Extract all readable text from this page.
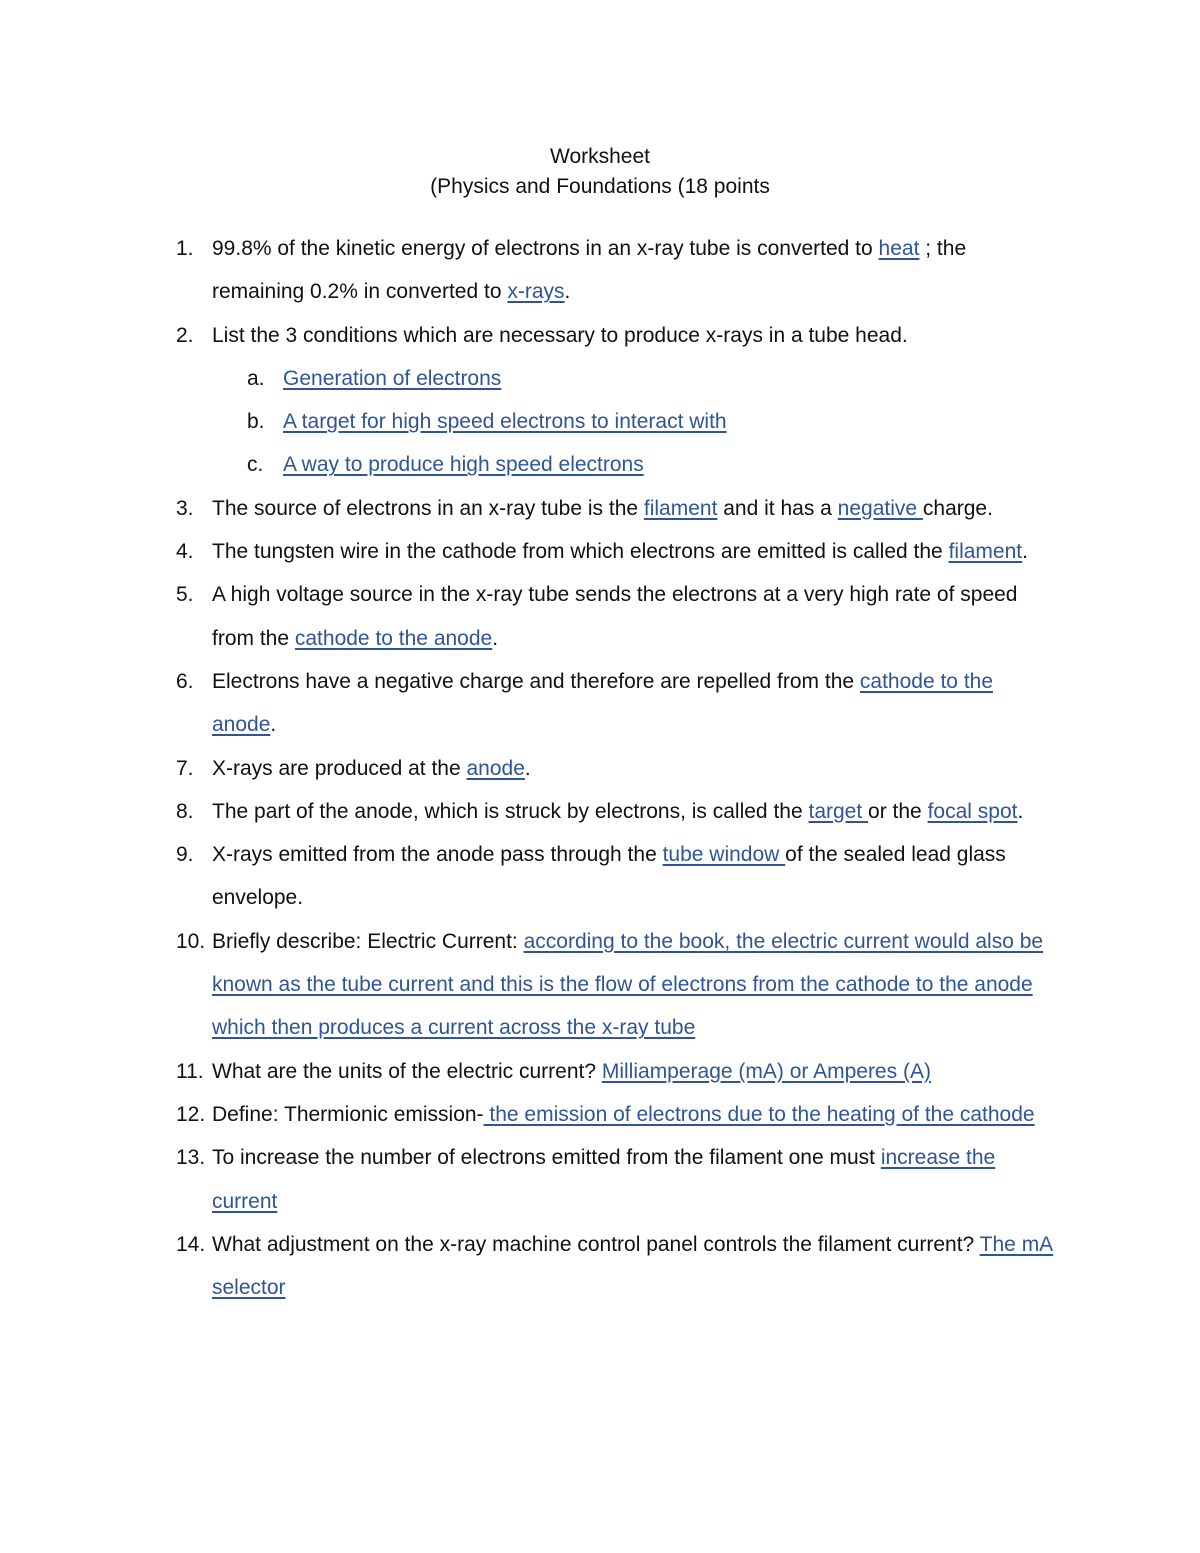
Worksheet
(Physics and Foundations (18 points
1. 99.8% of the kinetic energy of electrons in an x-ray tube is converted to heat ; the remaining 0.2% in converted to x-rays.
2. List the 3 conditions which are necessary to produce x-rays in a tube head.
a. Generation of electrons
b. A target for high speed electrons to interact with
c. A way to produce high speed electrons
3. The source of electrons in an x-ray tube is the filament and it has a negative charge.
4. The tungsten wire in the cathode from which electrons are emitted is called the filament.
5. A high voltage source in the x-ray tube sends the electrons at a very high rate of speed from the cathode to the anode.
6. Electrons have a negative charge and therefore are repelled from the cathode to the anode.
7. X-rays are produced at the anode.
8. The part of the anode, which is struck by electrons, is called the target or the focal spot.
9. X-rays emitted from the anode pass through the tube window of the sealed lead glass envelope.
10. Briefly describe: Electric Current: according to the book, the electric current would also be known as the tube current and this is the flow of electrons from the cathode to the anode which then produces a current across the x-ray tube
11. What are the units of the electric current? Milliamperage (mA) or Amperes (A)
12. Define: Thermionic emission- the emission of electrons due to the heating of the cathode
13. To increase the number of electrons emitted from the filament one must increase the current
14. What adjustment on the x-ray machine control panel controls the filament current? The mA selector
